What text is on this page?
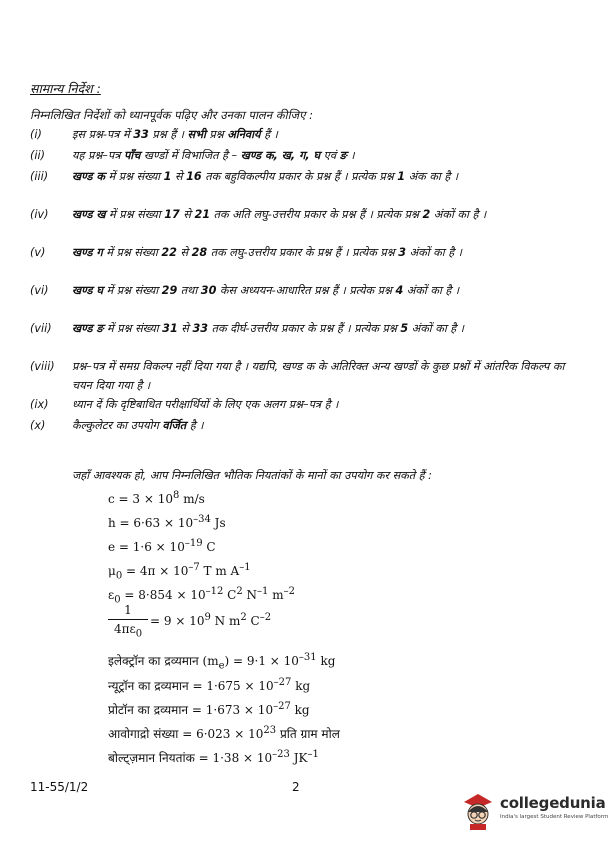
सामान्य निर्देश :
निम्नलिखित निर्देशों को ध्यानपूर्वक पढ़िए और उनका पालन कीजिए :
(i)	इस प्रश्न-पत्र में 33 प्रश्न हैं । सभी प्रश्न अनिवार्य हैं ।
(ii)	यह प्रश्न–पत्र पाँच खण्डों में विभाजित है – खण्ड क, ख, ग, घ एवं ङ ।
(iii)	खण्ड क में प्रश्न संख्या 1 से 16 तक बहुविकल्पीय प्रकार के प्रश्न हैं । प्रत्येक प्रश्न 1 अंक का है ।
(iv)	खण्ड ख में प्रश्न संख्या 17 से 21 तक अति लघु-उत्तरीय प्रकार के प्रश्न हैं । प्रत्येक प्रश्न 2 अंकों का है ।
(v)	खण्ड ग में प्रश्न संख्या 22 से 28 तक लघु-उत्तरीय प्रकार के प्रश्न हैं । प्रत्येक प्रश्न 3 अंकों का है ।
(vi)	खण्ड घ में प्रश्न संख्या 29 तथा 30 केस अध्ययन-आधारित प्रश्न हैं । प्रत्येक प्रश्न 4 अंकों का है ।
(vii)	खण्ड ङ में प्रश्न संख्या 31 से 33 तक दीर्घ-उत्तरीय प्रकार के प्रश्न हैं । प्रत्येक प्रश्न 5 अंकों का है ।
(viii)	प्रश्न–पत्र में समग्र विकल्प नहीं दिया गया है । यद्यपि, खण्ड क के अतिरिक्त अन्य खण्डों के कुछ प्रश्नों में आंतरिक विकल्प का चयन दिया गया है ।
(ix)	ध्यान दें कि दृष्टिबाधित परीक्षार्थियों के लिए एक अलग प्रश्न–पत्र है ।
(x)	कैल्कुलेटर का उपयोग वर्जित है ।
जहाँ आवश्यक हो, आप निम्नलिखित भौतिक नियतांकों के मानों का उपयोग कर सकते हैं :
$c = 3 \times 10^8$ m/s
$h = 6\cdot 63 \times 10^{-34}$ Js
$e = 1\cdot 6 \times 10^{-19}$ C
$\mu_0 = 4\pi \times 10^{-7}$ T m $A^{-1}$
$\varepsilon_0 = 8\cdot 854 \times 10^{-12}$ $C^2$ $N^{-1}$ $m^{-2}$
1
$4\pi\varepsilon_0$
= $9 \times 10^9$ N $m^2$ $C^{-2}$
इलेक्ट्रॉन का द्रव्यमान $(m_e) = 9\cdot 1 \times 10^{-31}$ kg
न्यूट्रॉन का द्रव्यमान = $1\cdot 675 \times 10^{-27}$ kg
प्रोटॉन का द्रव्यमान = $1\cdot 673 \times 10^{-27}$ kg
आवोगाद्रो संख्या = $6\cdot 023 \times 10^{23}$ प्रति ग्राम मोल
बोल्ट्ज़मान नियतांक = $1\cdot 38 \times 10^{-23}$ $JK^{-1}$
11-55/1/2	2
collegedunia
India's largest Student Review Platform
